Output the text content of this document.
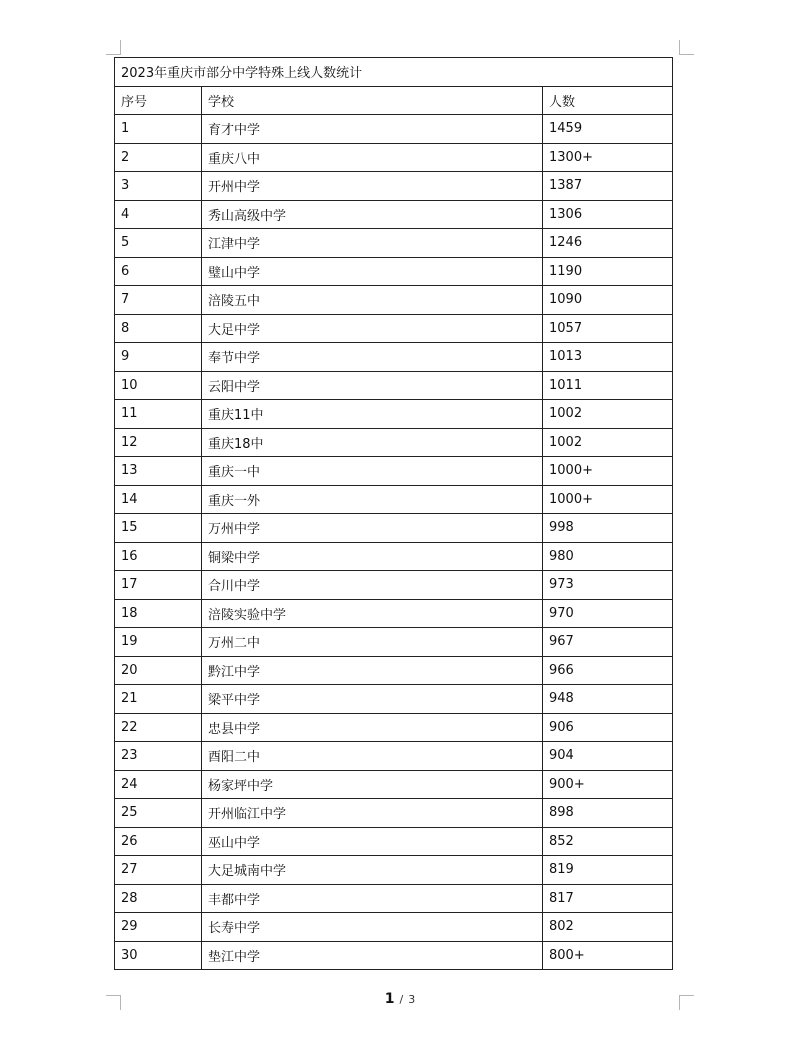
2023年重庆市部分中学特殊上线人数统计		
序号	学校	人数
1	育才中学	1459
2	重庆八中	1300+
3	开州中学	1387
4	秀山高级中学	1306
5	江津中学	1246
6	璧山中学	1190
7	涪陵五中	1090
8	大足中学	1057
9	奉节中学	1013
10	云阳中学	1011
11	重庆11中	1002
12	重庆18中	1002
13	重庆一中	1000+
14	重庆一外	1000+
15	万州中学	998
16	铜梁中学	980
17	合川中学	973
18	涪陵实验中学	970
19	万州二中	967
20	黔江中学	966
21	梁平中学	948
22	忠县中学	906
23	酉阳二中	904
24	杨家坪中学	900+
25	开州临江中学	898
26	巫山中学	852
27	大足城南中学	819
28	丰都中学	817
29	长寿中学	802
30	垫江中学	800+
1 / 3
